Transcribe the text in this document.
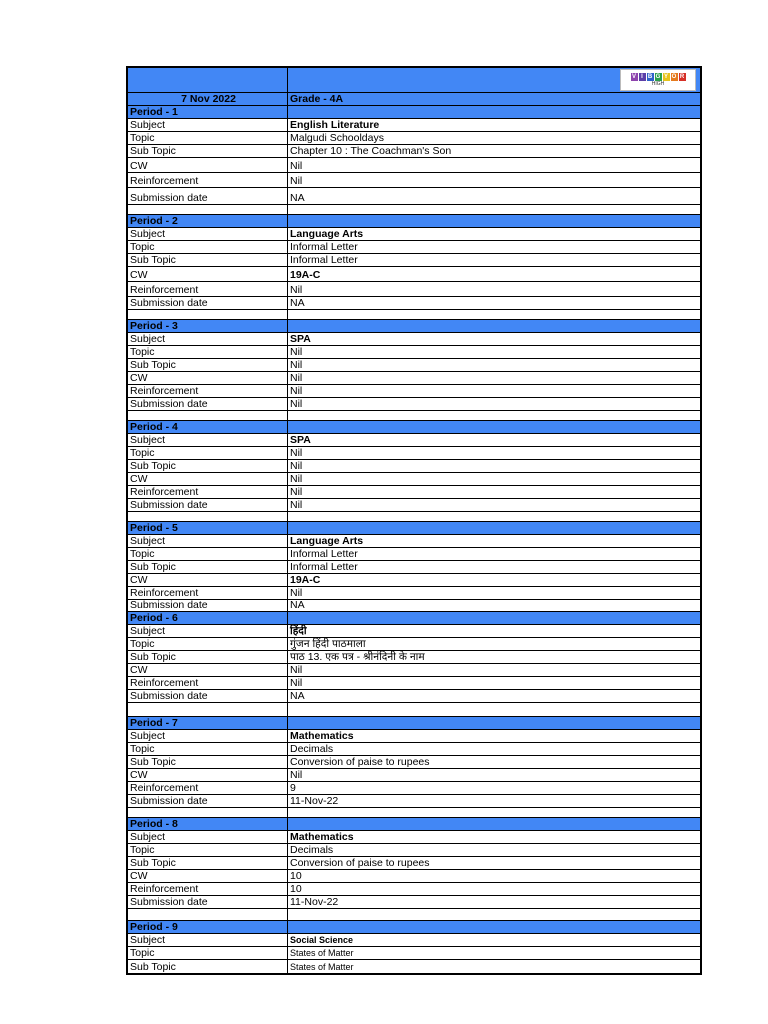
V I B G Y O R
HIGH
7 Nov 2022	Grade - 4A
Period - 1
Subject	English Literature
Topic	Malgudi Schooldays
Sub Topic	Chapter 10 : The Coachman's Son
CW	Nil
Reinforcement	Nil
Submission date	NA
Period - 2
Subject	Language Arts
Topic	Informal Letter
Sub Topic	Informal Letter
CW	19A-C
Reinforcement	Nil
Submission date	NA
Period - 3
Subject	SPA
Topic	Nil
Sub Topic	Nil
CW	Nil
Reinforcement	Nil
Submission date	Nil
Period - 4
Subject	SPA
Topic	Nil
Sub Topic	Nil
CW	Nil
Reinforcement	Nil
Submission date	Nil
Period - 5
Subject	Language Arts
Topic	Informal Letter
Sub Topic	Informal Letter
CW	19A-C
Reinforcement	Nil
Submission date	NA
Period - 6
Subject	हिंदी
Topic	गुंजन हिंदी पाठमाला
Sub Topic	पाठ 13. एक पत्र - श्रीनंदिनी के नाम
CW	Nil
Reinforcement	Nil
Submission date	NA
Period - 7
Subject	Mathematics
Topic	Decimals
Sub Topic	Conversion of paise to rupees
CW	Nil
Reinforcement	9
Submission date	11-Nov-22
Period - 8
Subject	Mathematics
Topic	Decimals
Sub Topic	Conversion of paise to rupees
CW	10
Reinforcement	10
Submission date	11-Nov-22
Period - 9
Subject	Social Science
Topic	States of Matter
Sub Topic	States of Matter
